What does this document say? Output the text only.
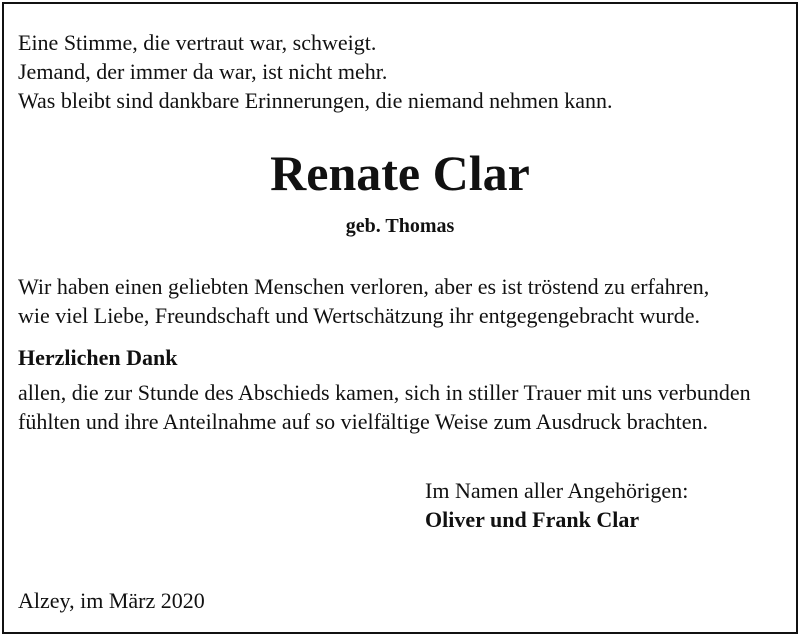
Eine Stimme, die vertraut war, schweigt.
Jemand, der immer da war, ist nicht mehr.
Was bleibt sind dankbare Erinnerungen, die niemand nehmen kann.
Renate Clar
geb. Thomas
Wir haben einen geliebten Menschen verloren, aber es ist tröstend zu erfahren,
wie viel Liebe, Freundschaft und Wertschätzung ihr entgegengebracht wurde.
Herzlichen Dank
allen, die zur Stunde des Abschieds kamen, sich in stiller Trauer mit uns verbunden
fühlten und ihre Anteilnahme auf so vielfältige Weise zum Ausdruck brachten.
Im Namen aller Angehörigen:
Oliver und Frank Clar
Alzey, im März 2020
